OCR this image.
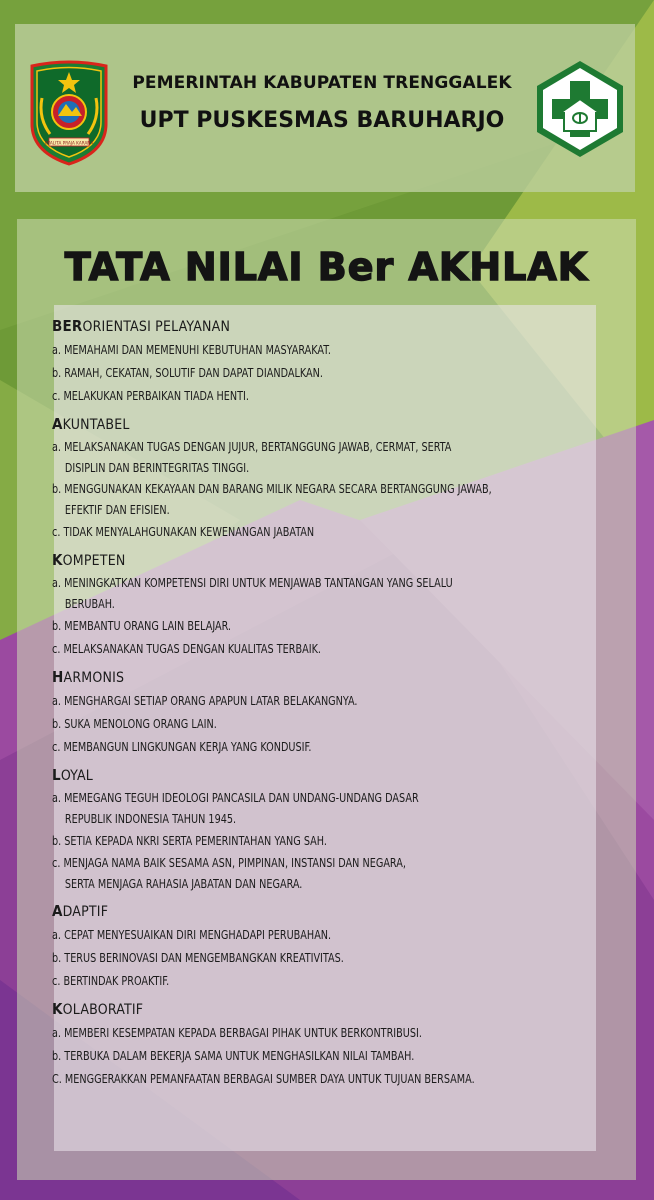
JWALITA PRAJA KARANA
PEMERINTAH KABUPATEN TRENGGALEK
UPT PUSKESMAS BARUHARJO
TATA NILAI Ber AKHLAK
BERORIENTASI PELAYANAN
a. MEMAHAMI DAN MEMENUHI KEBUTUHAN MASYARAKAT.
b. RAMAH, CEKATAN, SOLUTIF DAN DAPAT DIANDALKAN.
c. MELAKUKAN PERBAIKAN TIADA HENTI.
AKUNTABEL
a. MELAKSANAKAN TUGAS DENGAN JUJUR, BERTANGGUNG JAWAB, CERMAT, SERTA
DISIPLIN DAN BERINTEGRITAS TINGGI.
b. MENGGUNAKAN KEKAYAAN DAN BARANG MILIK NEGARA SECARA BERTANGGUNG JAWAB,
EFEKTIF DAN EFISIEN.
c. TIDAK MENYALAHGUNAKAN KEWENANGAN JABATAN
KOMPETEN
a. MENINGKATKAN KOMPETENSI DIRI UNTUK MENJAWAB TANTANGAN YANG SELALU
BERUBAH.
b. MEMBANTU ORANG LAIN BELAJAR.
c. MELAKSANAKAN TUGAS DENGAN KUALITAS TERBAIK.
HARMONIS
a. MENGHARGAI SETIAP ORANG APAPUN LATAR BELAKANGNYA.
b. SUKA MENOLONG ORANG LAIN.
c. MEMBANGUN LINGKUNGAN KERJA YANG KONDUSIF.
LOYAL
a. MEMEGANG TEGUH IDEOLOGI PANCASILA DAN UNDANG-UNDANG DASAR
REPUBLIK INDONESIA TAHUN 1945.
b. SETIA KEPADA NKRI SERTA PEMERINTAHAN YANG SAH.
c. MENJAGA NAMA BAIK SESAMA ASN, PIMPINAN, INSTANSI DAN NEGARA,
SERTA MENJAGA RAHASIA JABATAN DAN NEGARA.
ADAPTIF
a. CEPAT MENYESUAIKAN DIRI MENGHADAPI PERUBAHAN.
b. TERUS BERINOVASI DAN MENGEMBANGKAN KREATIVITAS.
c. BERTINDAK PROAKTIF.
KOLABORATIF
a. MEMBERI KESEMPATAN KEPADA BERBAGAI PIHAK UNTUK BERKONTRIBUSI.
b. TERBUKA DALAM BEKERJA SAMA UNTUK MENGHASILKAN NILAI TAMBAH.
C. MENGGERAKKAN PEMANFAATAN BERBAGAI SUMBER DAYA UNTUK TUJUAN BERSAMA.
